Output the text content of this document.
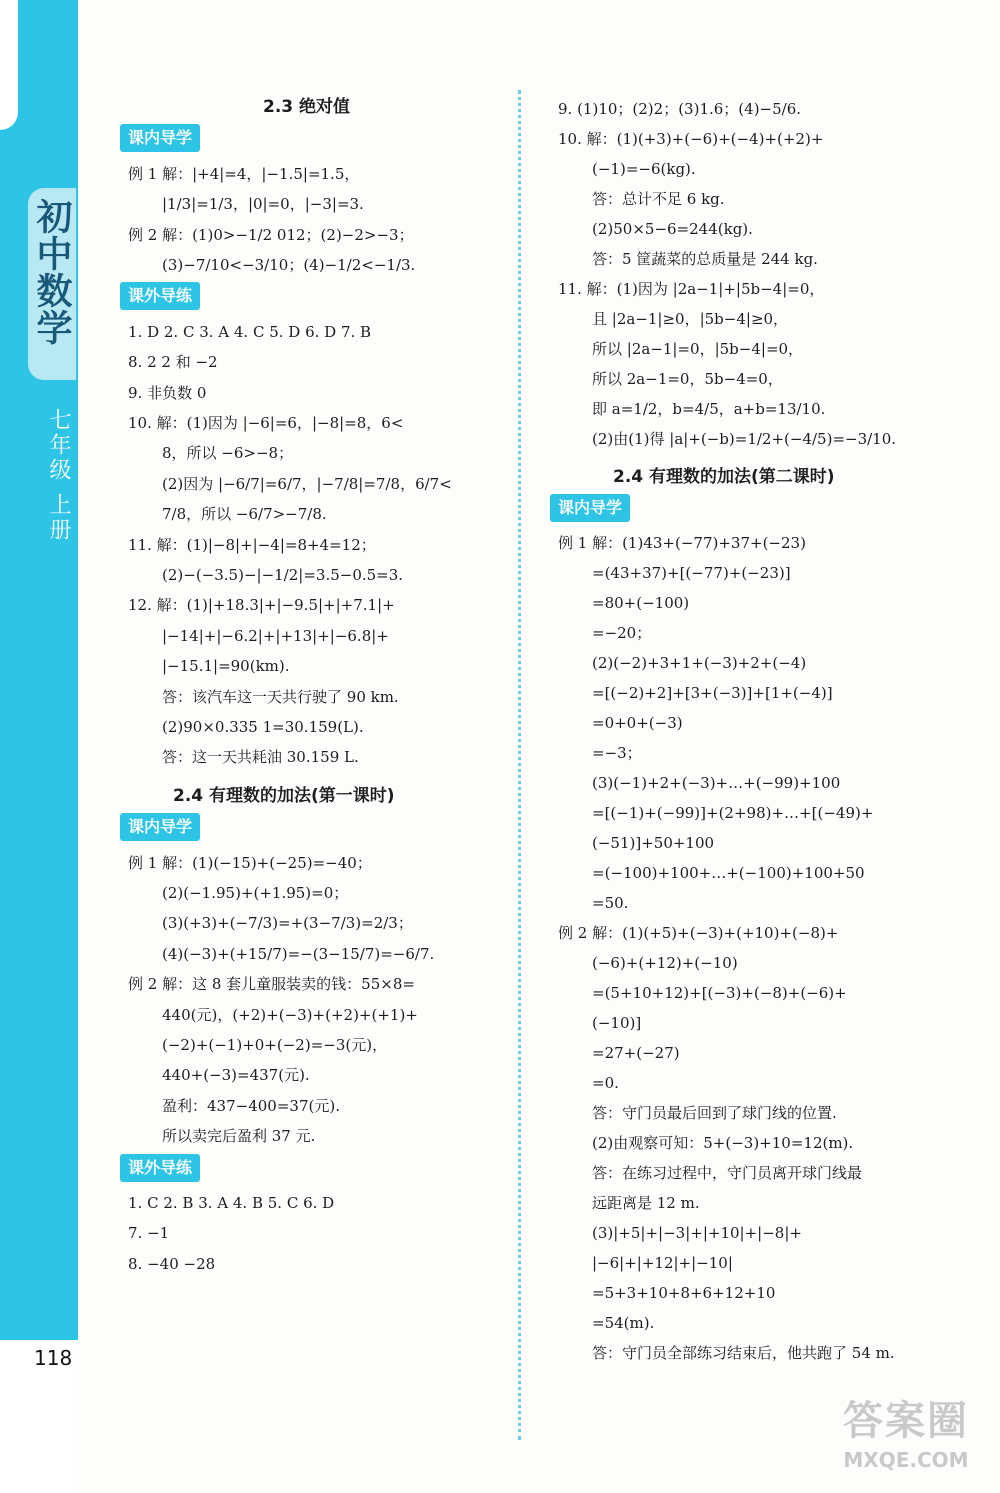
初中数学
七年级 上册
118
2.3 绝对值
课内导学
例 1 解：|+4|=4，|−1.5|=1.5，
|1/3|=1/3，|0|=0，|−3|=3.
例 2 解：(1)0>−1/2 012；(2)−2>−3；
(3)−7/10<−3/10；(4)−1/2<−1/3.
课外导练
1. D 2. C 3. A 4. C 5. D 6. D 7. B
8. 2 2 和 −2
9. 非负数 0
10. 解：(1)因为 |−6|=6，|−8|=8，6<
8，所以 −6>−8；
(2)因为 |−6/7|=6/7，|−7/8|=7/8，6/7<
7/8，所以 −6/7>−7/8.
11. 解：(1)|−8|+|−4|=8+4=12；
(2)−(−3.5)−|−1/2|=3.5−0.5=3.
12. 解：(1)|+18.3|+|−9.5|+|+7.1|+
|−14|+|−6.2|+|+13|+|−6.8|+
|−15.1|=90(km).
答：该汽车这一天共行驶了 90 km.
(2)90×0.335 1=30.159(L).
答：这一天共耗油 30.159 L.
2.4 有理数的加法(第一课时)
课内导学
例 1 解：(1)(−15)+(−25)=−40；
(2)(−1.95)+(+1.95)=0；
(3)(+3)+(−7/3)=+(3−7/3)=2/3；
(4)(−3)+(+15/7)=−(3−15/7)=−6/7.
例 2 解：这 8 套儿童服装卖的钱：55×8=
440(元)，(+2)+(−3)+(+2)+(+1)+
(−2)+(−1)+0+(−2)=−3(元)，
440+(−3)=437(元).
盈利：437−400=37(元).
所以卖完后盈利 37 元.
课外导练
1. C 2. B 3. A 4. B 5. C 6. D
7. −1
8. −40 −28
9. (1)10；(2)2；(3)1.6；(4)−5/6.
10. 解：(1)(+3)+(−6)+(−4)+(+2)+
(−1)=−6(kg).
答：总计不足 6 kg.
(2)50×5−6=244(kg).
答：5 筐蔬菜的总质量是 244 kg.
11. 解：(1)因为 |2a−1|+|5b−4|=0，
且 |2a−1|≥0，|5b−4|≥0，
所以 |2a−1|=0，|5b−4|=0，
所以 2a−1=0，5b−4=0，
即 a=1/2，b=4/5，a+b=13/10.
(2)由(1)得 |a|+(−b)=1/2+(−4/5)=−3/10.
2.4 有理数的加法(第二课时)
课内导学
例 1 解：(1)43+(−77)+37+(−23)
=(43+37)+[(−77)+(−23)]
=80+(−100)
=−20；
(2)(−2)+3+1+(−3)+2+(−4)
=[(−2)+2]+[3+(−3)]+[1+(−4)]
=0+0+(−3)
=−3；
(3)(−1)+2+(−3)+…+(−99)+100
=[(−1)+(−99)]+(2+98)+…+[(−49)+
(−51)]+50+100
=(−100)+100+…+(−100)+100+50
=50.
例 2 解：(1)(+5)+(−3)+(+10)+(−8)+
(−6)+(+12)+(−10)
=(5+10+12)+[(−3)+(−8)+(−6)+
(−10)]
=27+(−27)
=0.
答：守门员最后回到了球门线的位置.
(2)由观察可知：5+(−3)+10=12(m).
答：在练习过程中，守门员离开球门线最
远距离是 12 m.
(3)|+5|+|−3|+|+10|+|−8|+
|−6|+|+12|+|−10|
=5+3+10+8+6+12+10
=54(m).
答：守门员全部练习结束后，他共跑了 54 m.
答案圈
MXQE.COM
